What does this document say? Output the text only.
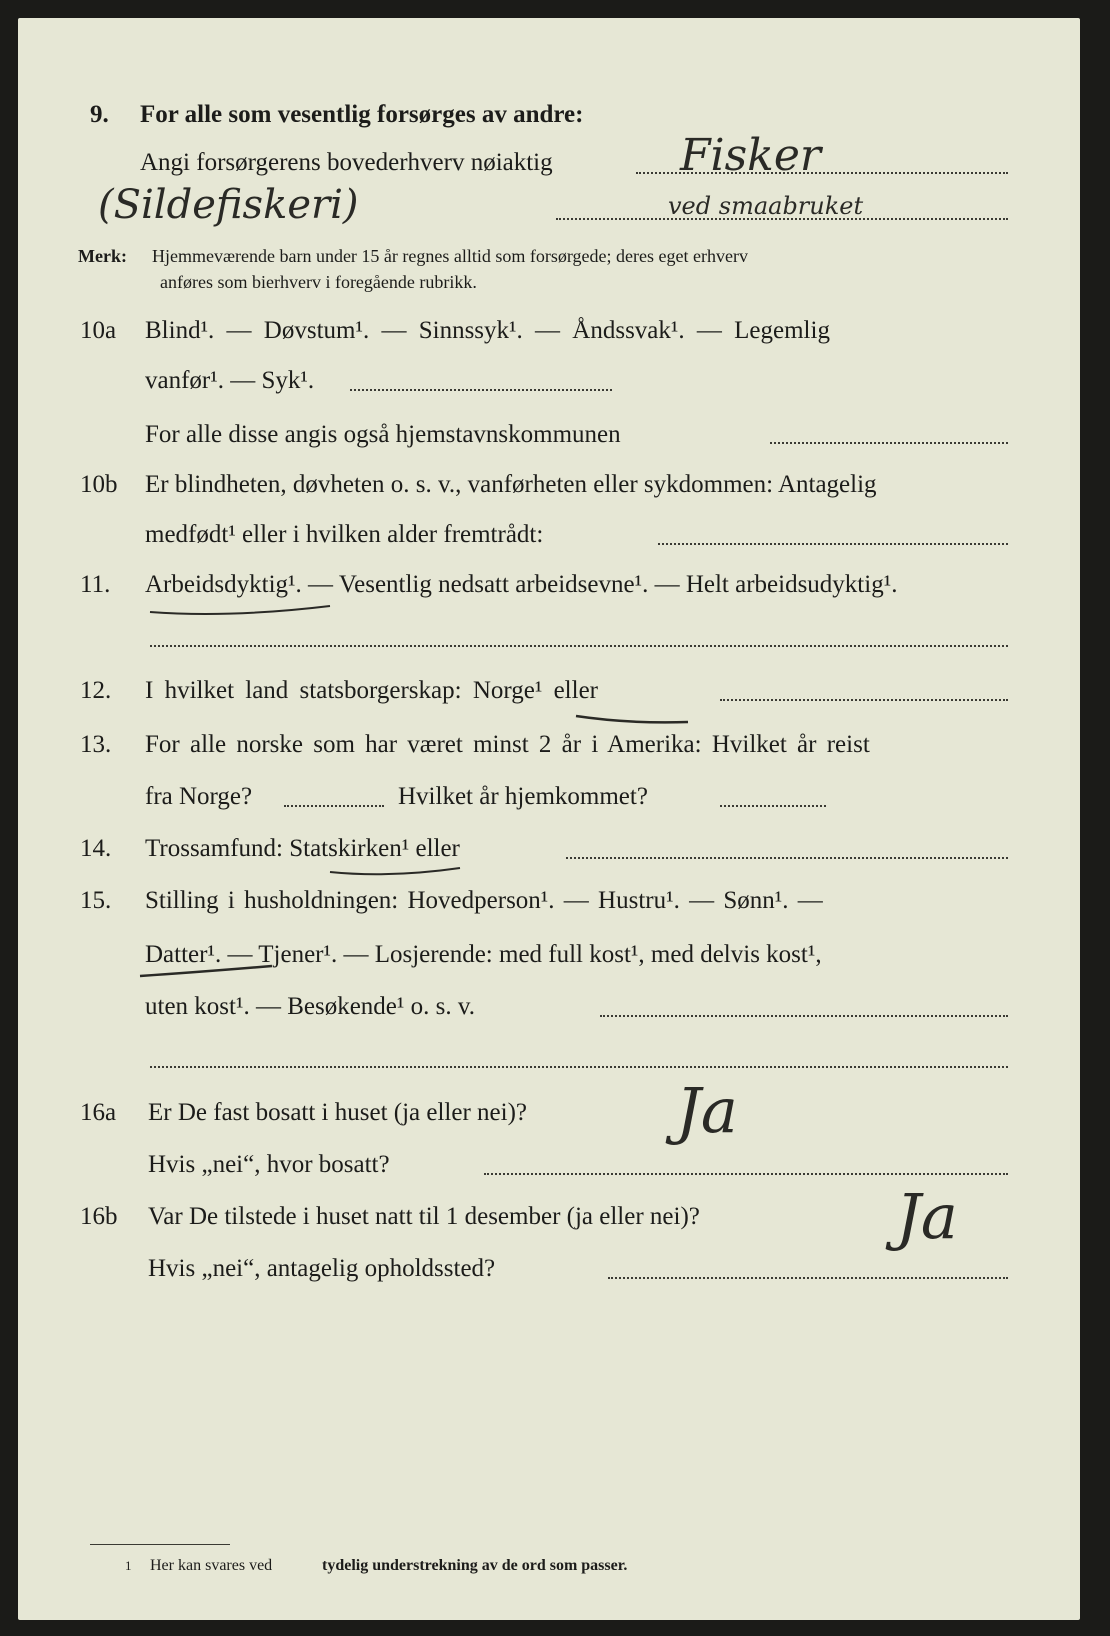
9. For alle som vesentlig forsørges av andre:
Angi forsørgerens bovederhverv nøiaktig
Merk: Hjemmeværende barn under 15 år regnes alltid som forsørgede; deres eget erhverv
anføres som bierhverv i foregående rubrikk.
10a Blind¹. — Døvstum¹. — Sinnssyk¹. — Åndssvak¹. — Legemlig
vanfør¹. — Syk¹.
For alle disse angis også hjemstavnskommunen
10b Er blindheten, døvheten o. s. v., vanførheten eller sykdommen: Antagelig
medfødt¹ eller i hvilken alder fremtrådt:
11. Arbeidsdyktig¹. — Vesentlig nedsatt arbeidsevne¹. — Helt arbeidsudyktig¹.
12. I hvilket land statsborgerskap: Norge¹ eller
13. For alle norske som har været minst 2 år i Amerika: Hvilket år reist
fra Norge?	Hvilket år hjemkommet?
14. Trossamfund: Statskirken¹ eller
15. Stilling i husholdningen: Hovedperson¹. — Hustru¹. — Sønn¹. —
Datter¹. — Tjener¹. — Losjerende: med full kost¹, med delvis kost¹,
uten kost¹. — Besøkende¹ o. s. v.
16a Er De fast bosatt i huset (ja eller nei)?
Hvis „nei“, hvor bosatt?
16b Var De tilstede i huset natt til 1 desember (ja eller nei)?
Hvis „nei“, antagelig opholdssted?
1 Her kan svares ved	tydelig understrekning av de ord som passer.
Fisker
(Sildefiskeri)	ved smaabruket
Ja
Ja
